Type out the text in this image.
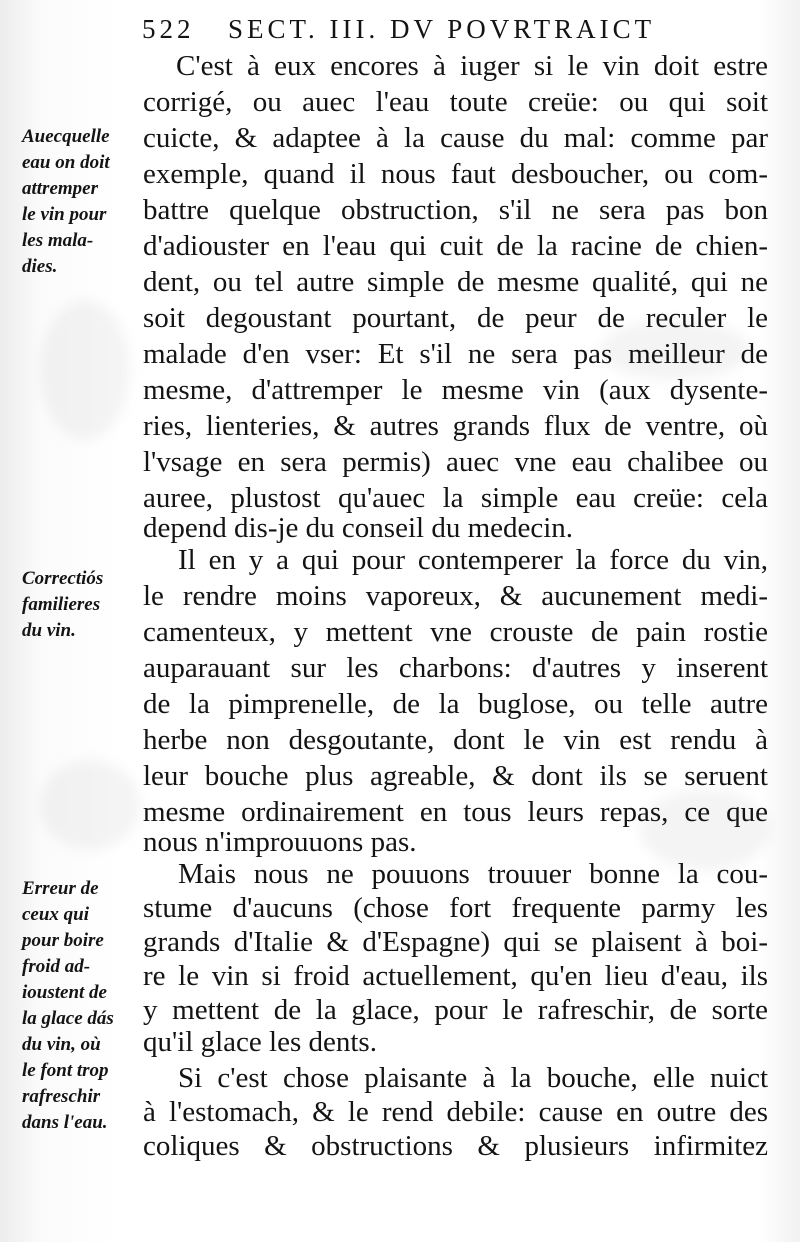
522 SECT. III. DV POVRTRAICT
Auecquelle
eau on doit
attremper
le vin pour
les mala-
dies.
Correctiós
familieres
du vin.
Erreur de
ceux qui
pour boire
froid ad-
ioustent de
la glace dás
du vin, où
le font trop
rafreschir
dans l'eau.
C'est à eux encores à iuger si le vin doit estre
corrigé, ou auec l'eau toute creüe: ou qui soit
cuicte, & adaptee à la cause du mal: comme par
exemple, quand il nous faut desboucher, ou com-
battre quelque obstruction, s'il ne sera pas bon
d'adiouster en l'eau qui cuit de la racine de chien-
dent, ou tel autre simple de mesme qualité, qui ne
soit degoustant pourtant, de peur de reculer le
malade d'en vser: Et s'il ne sera pas meilleur de
mesme, d'attremper le mesme vin (aux dysente-
ries, lienteries, & autres grands flux de ventre, où
l'vsage en sera permis) auec vne eau chalibee ou
auree, plustost qu'auec la simple eau creüe: cela
depend dis-je du conseil du medecin.
Il en y a qui pour contemperer la force du vin,
le rendre moins vaporeux, & aucunement medi-
camenteux, y mettent vne crouste de pain rostie
auparauant sur les charbons: d'autres y inserent
de la pimprenelle, de la buglose, ou telle autre
herbe non desgoutante, dont le vin est rendu à
leur bouche plus agreable, & dont ils se seruent
mesme ordinairement en tous leurs repas, ce que
nous n'improuuons pas.
Mais nous ne pouuons trouuer bonne la cou-
stume d'aucuns (chose fort frequente parmy les
grands d'Italie & d'Espagne) qui se plaisent à boi-
re le vin si froid actuellement, qu'en lieu d'eau, ils
y mettent de la glace, pour le rafreschir, de sorte
qu'il glace les dents.
Si c'est chose plaisante à la bouche, elle nuict
à l'estomach, & le rend debile: cause en outre des
coliques & obstructions & plusieurs infirmitez
